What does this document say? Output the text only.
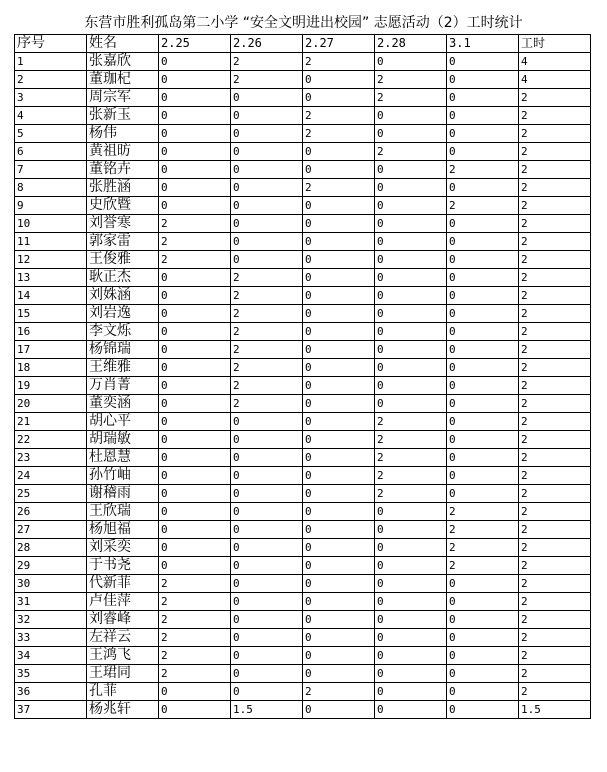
东营市胜利孤岛第二小学 “安全文明进出校园” 志愿活动（2）工时统计
序号	姓名	2.25	2.26	2.27	2.28	3.1	工时
1	张嘉欣	0	2	2	0	0	4
2	董珈杞	0	2	0	2	0	4
3	周宗军	0	0	0	2	0	2
4	张新玉	0	0	2	0	0	2
5	杨伟	0	0	2	0	0	2
6	黄祖昉	0	0	0	2	0	2
7	董铭卉	0	0	0	0	2	2
8	张胜涵	0	0	2	0	0	2
9	史欣暨	0	0	0	0	2	2
10	刘誉寒	2	0	0	0	0	2
11	郭家雷	2	0	0	0	0	2
12	王俊雅	2	0	0	0	0	2
13	耿正杰	0	2	0	0	0	2
14	刘姝涵	0	2	0	0	0	2
15	刘岩逸	0	2	0	0	0	2
16	李文烁	0	2	0	0	0	2
17	杨锦瑞	0	2	0	0	0	2
18	王维雅	0	2	0	0	0	2
19	万肖菁	0	2	0	0	0	2
20	董奕涵	0	2	0	0	0	2
21	胡心平	0	0	0	2	0	2
22	胡瑞敏	0	0	0	2	0	2
23	杜恩慧	0	0	0	2	0	2
24	孙竹岫	0	0	0	2	0	2
25	谢稽雨	0	0	0	2	0	2
26	王欣瑞	0	0	0	0	2	2
27	杨旭福	0	0	0	0	2	2
28	刘采奕	0	0	0	0	2	2
29	于书尧	0	0	0	0	2	2
30	代新菲	2	0	0	0	0	2
31	卢佳萍	2	0	0	0	0	2
32	刘睿峰	2	0	0	0	0	2
33	左祥云	2	0	0	0	0	2
34	王鸿飞	2	0	0	0	0	2
35	王珺同	2	0	0	0	0	2
36	孔菲	0	0	2	0	0	2
37	杨兆轩	0	1.5	0	0	0	1.5
